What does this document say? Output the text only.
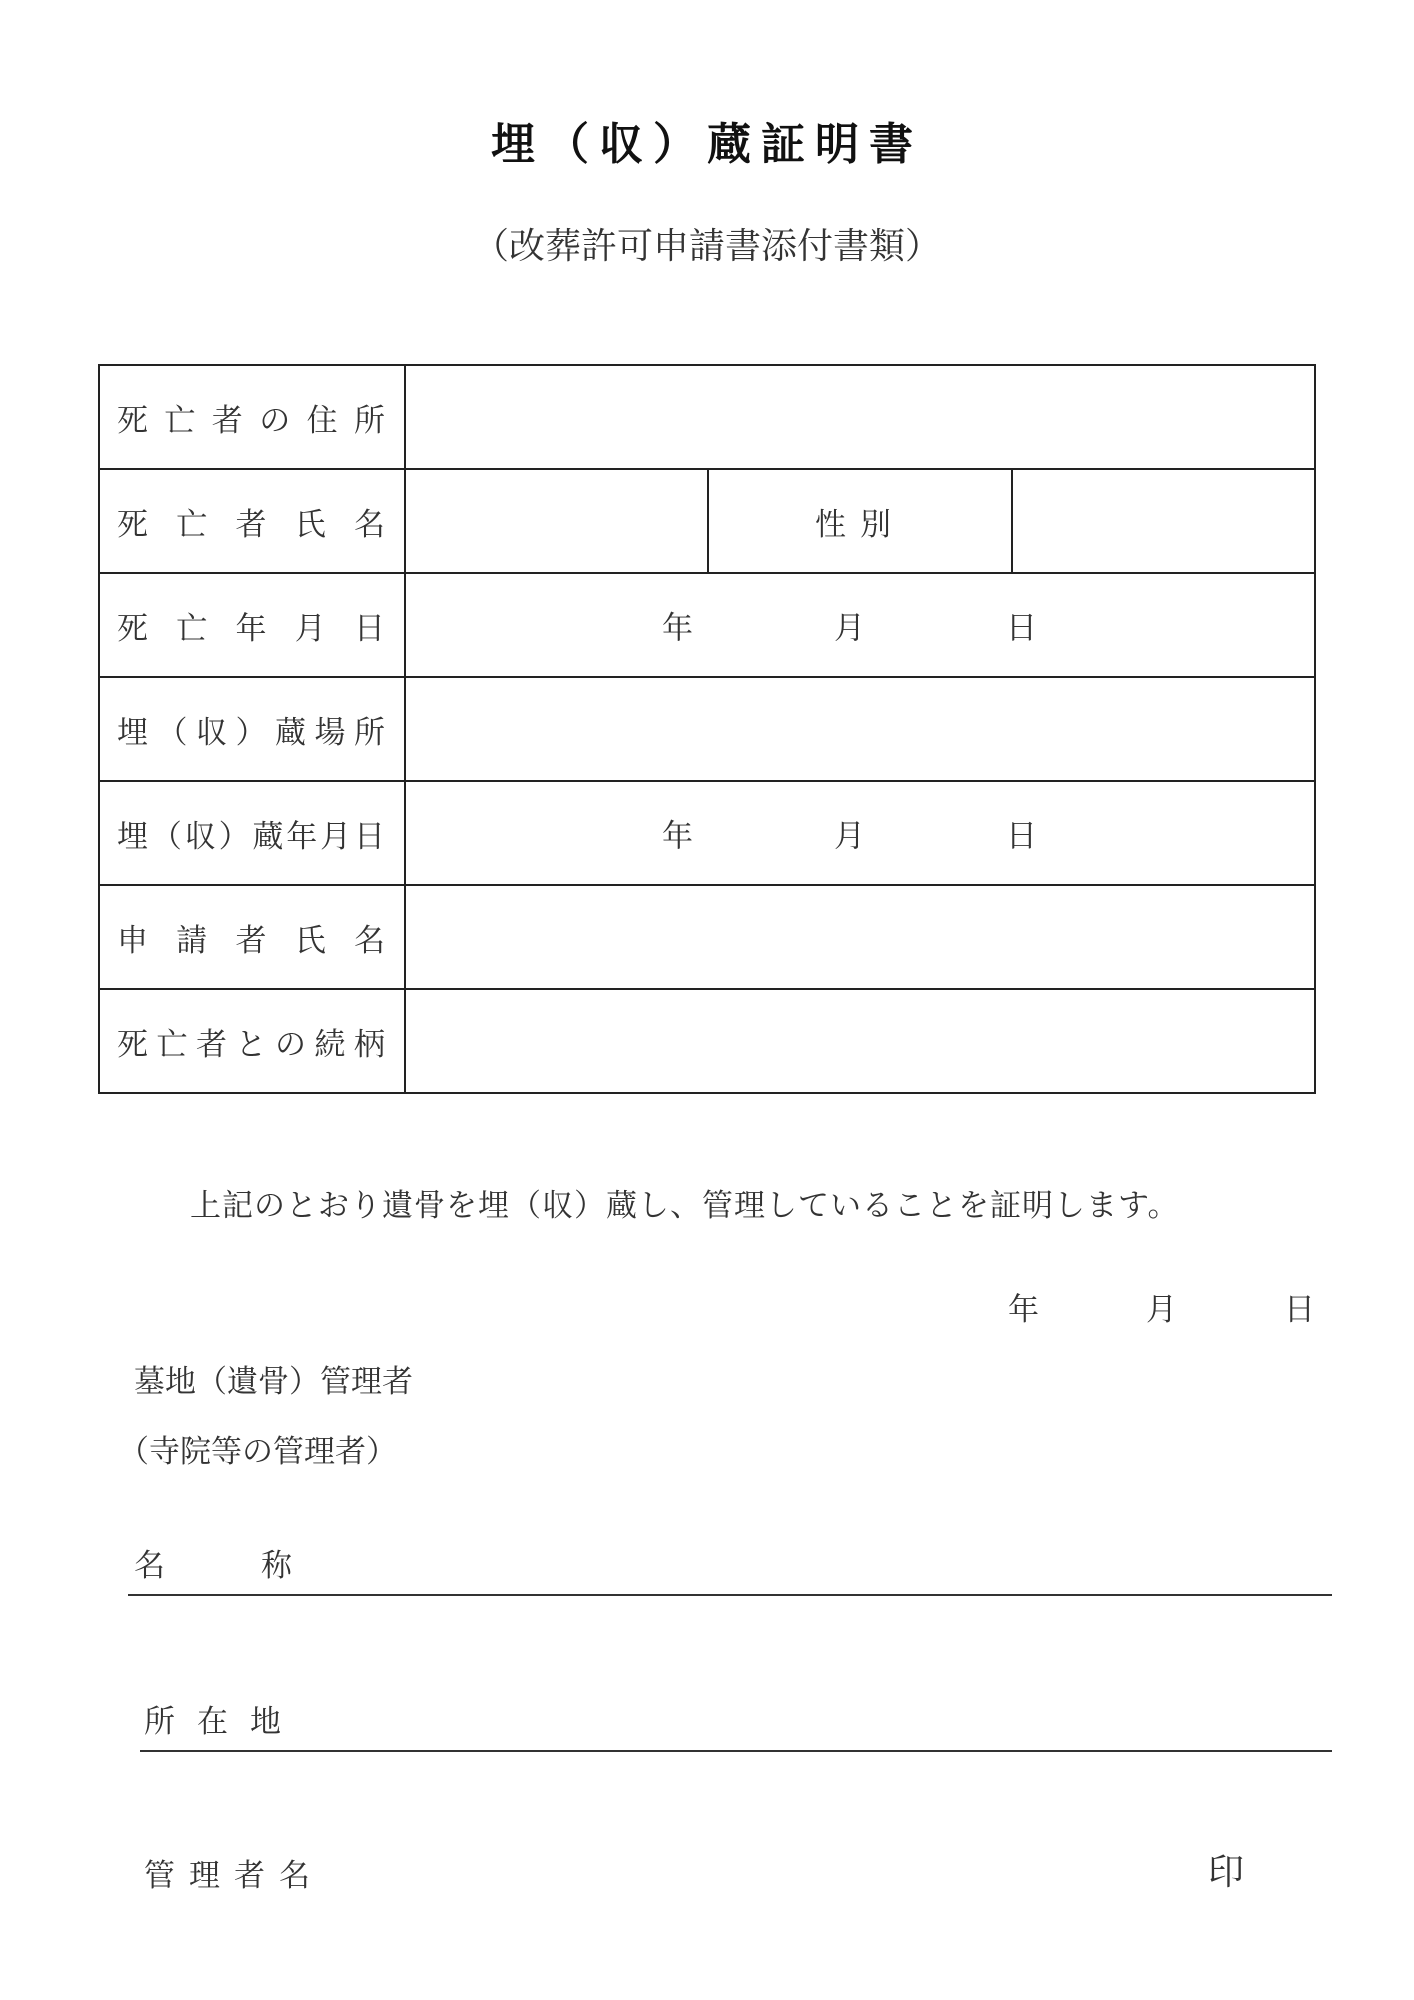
埋（収）蔵証明書
（改葬許可申請書添付書類）
死亡者の住所			
死亡者氏名		性別	
死亡年月日	年 月 日		

埋（収）蔵場所			
埋（収）蔵年月日	年 月 日		

申請者氏名			
死亡者との続柄			
上記のとおり遺骨を埋（収）蔵し、管理していることを証明します。
年	月	日
墓地（遺骨）管理者
（寺院等の管理者）
名称
所在地
管理者名	印
